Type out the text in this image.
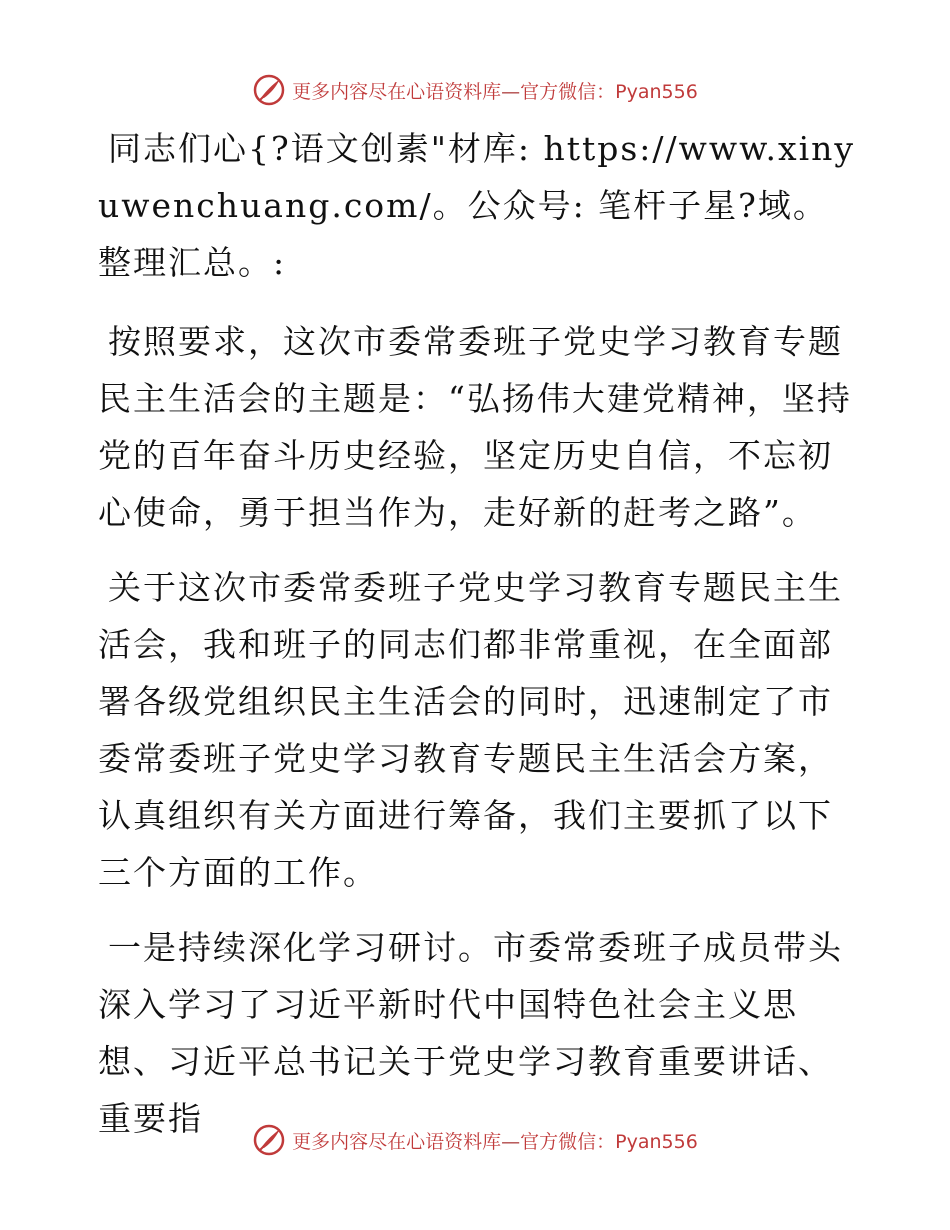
更多内容尽在心语资料库—官方微信：Pyan556

同志们心{?语文创素"材库: https://www.xinyuwenchuang.com/。公众号: 笔杆子星?域。整理汇总。:

按照要求，这次市委常委班子党史学习教育专题民主生活会的主题是：“弘扬伟大建党精神，坚持党的百年奋斗历史经验，坚定历史自信，不忘初心使命，勇于担当作为，走好新的赶考之路”。

关于这次市委常委班子党史学习教育专题民主生活会，我和班子的同志们都非常重视，在全面部署各级党组织民主生活会的同时，迅速制定了市委常委班子党史学习教育专题民主生活会方案，认真组织有关方面进行筹备，我们主要抓了以下三个方面的工作。

一是持续深化学习研讨。市委常委班子成员带头深入学习了习近平新时代中国特色社会主义思想、习近平总书记关于党史学习教育重要讲话、重要指

更多内容尽在心语资料库—官方微信：Pyan556
